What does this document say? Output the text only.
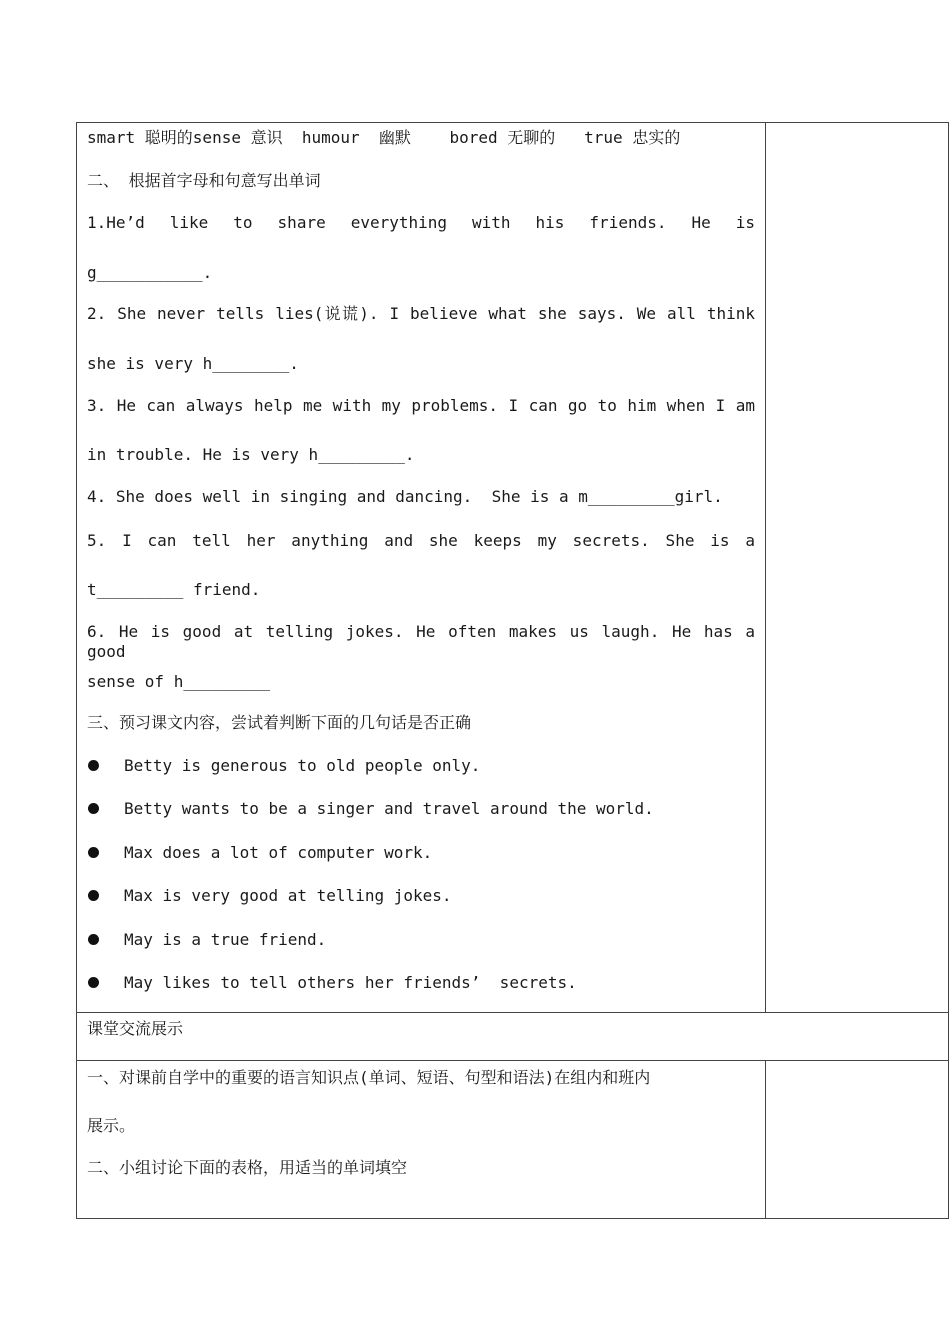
smart 聪明的sense 意识  humour  幽默    bored 无聊的   true 忠实的
二、 根据首字母和句意写出单词
1.He’d like to share everything with his friends. He is
g___________.
2. She never tells lies(说谎). I believe what she says. We all think
she is very h________.
3. He can always help me with my problems. I can go to him when I am
in trouble. He is very h_________.
4. She does well in singing and dancing.  She is a m_________girl.
5. I can tell her anything and she keeps my secrets. She is a
t_________ friend.
6. He is good at telling jokes. He often makes us laugh. He has a good
sense of h_________
三、预习课文内容，尝试着判断下面的几句话是否正确
Betty is generous to old people only.
Betty wants to be a singer and travel around the world.
Max does a lot of computer work.
Max is very good at telling jokes.
May is a true friend.
May likes to tell others her friends’  secrets.
课堂交流展示
一、对课前自学中的重要的语言知识点(单词、短语、句型和语法)在组内和班内
展示。
二、小组讨论下面的表格，用适当的单词填空
